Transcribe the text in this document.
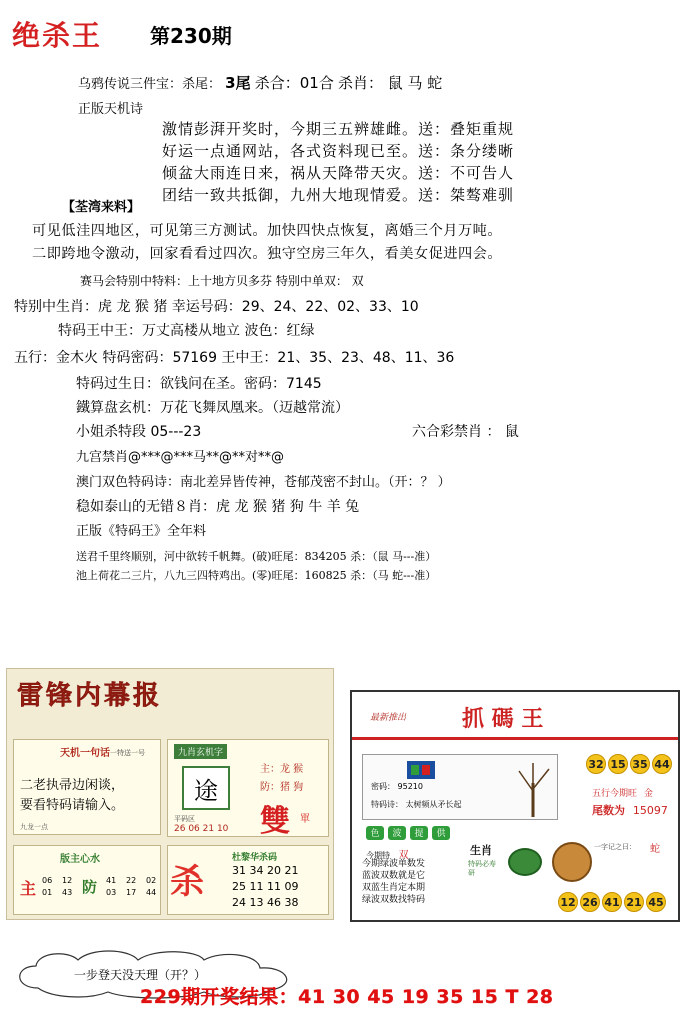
绝杀王 第230期
乌鸦传说三件宝：杀尾： 3尾 杀合：01合 杀肖： 鼠 马 蛇
正版天机诗
激情彭湃开奖时，今期三五辨雄雌。送：叠矩重规
好运一点通网站，各式资料现已至。送：条分缕晰
倾盆大雨连日来，祸从天降带天灾。送：不可告人
团结一致共抵御，九州大地现情爱。送：桀骜难驯
【荃湾来料】
可见低洼四地区，可见第三方测试。加快四快点恢复，离婚三个月万吨。
二即跨地令激动，回家看看过四次。独守空房三年久，看美女促进四会。
赛马会特别中特料：上十地方贝多芬 特别中单双： 双
特别中生肖：虎 龙 猴 猪 幸运号码：29、24、22、02、33、10
特码王中王：万丈高楼从地立 波色：红绿
五行：金木火 特码密码：57169 王中王：21、35、23、48、11、36
特码过生日：欲钱问在圣。密码：7145
鐵算盘玄机：万花飞舞凤凰来。（迈越常流）
小姐杀特段 05---23	六合彩禁肖 ： 鼠
九宫禁肖@***@***马**@**对**@
澳门双色特码诗：南北差异皆传神，苍郁茂密不封山。（开：？ ）
稳如泰山的无错８肖：虎 龙 猴 猪 狗 牛 羊 兔
正版《特码王》全年料
送君千里终顺别，河中欲转千帆舞。(破)旺尾：834205 杀：（鼠 马---准）
池上荷花二三片，八九三四特鸡出。(零)旺尾：160825 杀：（马 蛇---准）
雷锋内幕报
天机一句话 一特送一号
二老执帚边闲谈，
要看特码请输入。
九龙一点
版主心水
主 06 12
01 43 防 41 22 02
03 17 44
九肖玄机字
途
主：龙 猴
防：猪 狗
平码区
26 06 21 10 雙 單
杀
杜黎华杀码
31 34 20 21
25 11 11 09
24 13 46 38
最新推出	抓 碼 王
密码： 95210
特码诗： 太树频从矛长起
32 15 35 44
五行今期旺 金
尾数为 15097
色	波	提	供
今期特 双	生肖
特码必寿研
今期绿波单数发
蓝波双数就是它
双蓝生肖定本期
绿波双数找特码
一字记之曰： 蛇
12 26 41 21 45
一步登天没天理（开？）
229期开奖结果：41 30 45 19 35 15 T 28
